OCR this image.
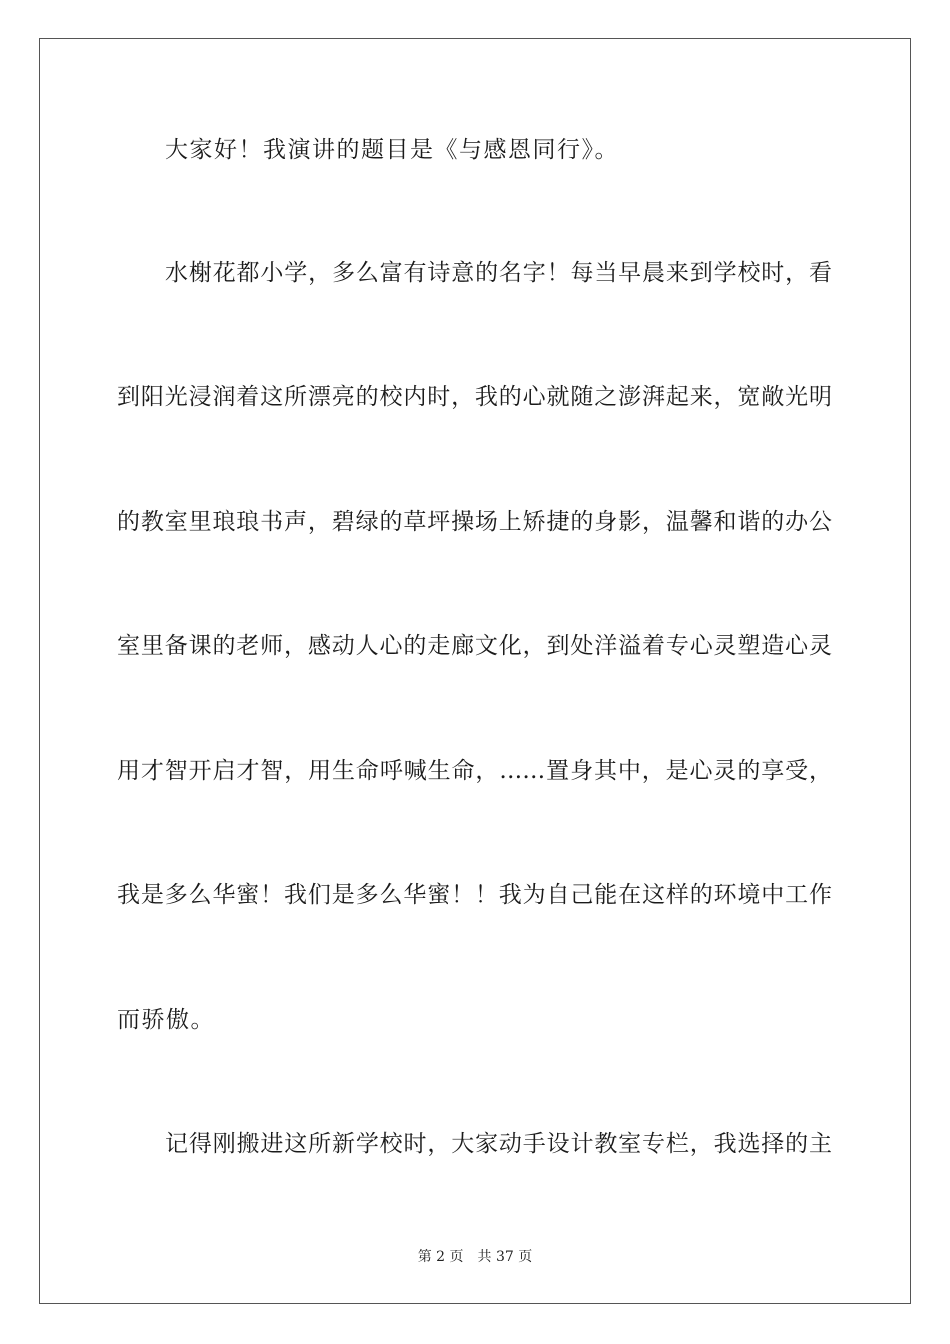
大家好！我演讲的题目是《与感恩同行》。
水榭花都小学，多么富有诗意的名字！每当早晨来到学校时，看
到阳光浸润着这所漂亮的校内时，我的心就随之澎湃起来，宽敞光明
的教室里琅琅书声，碧绿的草坪操场上矫捷的身影，温馨和谐的办公
室里备课的老师，感动人心的走廊文化，到处洋溢着专心灵塑造心灵
用才智开启才智，用生命呼喊生命，……置身其中，是心灵的享受，
我是多么华蜜！我们是多么华蜜！！我为自己能在这样的环境中工作
而骄傲。
记得刚搬进这所新学校时，大家动手设计教室专栏，我选择的主
第 2 页 共 37 页
